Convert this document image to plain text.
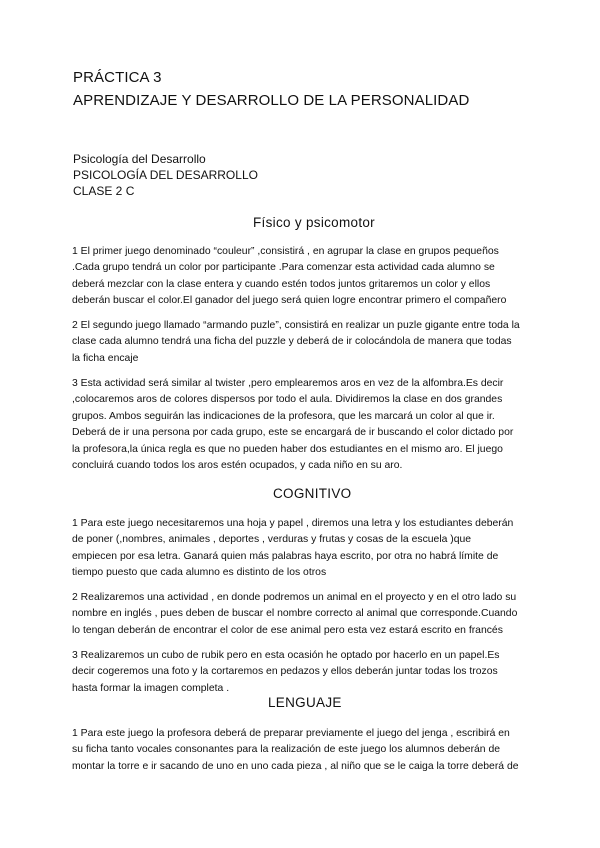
PRÁCTICA 3

APRENDIZAJE Y DESARROLLO DE LA PERSONALIDAD

Psicología del Desarrollo

PSICOLOGÍA DEL DESARROLLO

CLASE 2 C

Físico y psicomotor

1 El primer juego denominado “couleur” ,consistirá , en agrupar la clase en grupos pequeños
.Cada grupo tendrá un color por participante .Para comenzar esta actividad cada alumno se
deberá mezclar con la clase entera y cuando estén todos juntos gritaremos un color y ellos
deberán buscar el color.El ganador del juego será quien logre encontrar primero el compañero
2 El segundo juego llamado “armando puzle”, consistirá en realizar un puzle gigante entre toda la
clase cada alumno tendrá una ficha del puzzle y deberá de ir colocándola de manera que todas
la ficha encaje
3 Esta actividad será similar al twister ,pero emplearemos aros en vez de la alfombra.Es decir
,colocaremos aros de colores dispersos por todo el aula. Dividiremos la clase en dos grandes
grupos. Ambos seguirán las indicaciones de la profesora, que les marcará un color al que ir.
Deberá de ir una persona por cada grupo, este se encargará de ir buscando el color dictado por
la profesora,la única regla es que no pueden haber dos estudiantes en el mismo aro. El juego
concluirá cuando todos los aros estén ocupados, y cada niño en su aro.

COGNITIVO

1 Para este juego necesitaremos una hoja y papel , diremos una letra y los estudiantes deberán
de poner (,nombres, animales , deportes , verduras y frutas y cosas de la escuela )que
empiecen por esa letra. Ganará quien más palabras haya escrito, por otra no habrá límite de
tiempo puesto que cada alumno es distinto de los otros
2 Realizaremos una actividad , en donde podremos un animal en el proyecto y en el otro lado su
nombre en inglés , pues deben de buscar el nombre correcto al animal que corresponde.Cuando
lo tengan deberán de encontrar el color de ese animal pero esta vez estará escrito en francés
3 Realizaremos un cubo de rubik pero en esta ocasión he optado por hacerlo en un papel.Es
decir cogeremos una foto y la cortaremos en pedazos y ellos deberán juntar todas los trozos
hasta formar la imagen completa .

LENGUAJE

1 Para este juego la profesora deberá de preparar previamente el juego del jenga , escribirá en
su ficha tanto vocales consonantes para la realización de este juego los alumnos deberán de
montar la torre e ir sacando de uno en uno cada pieza , al niño que se le caiga la torre deberá de
